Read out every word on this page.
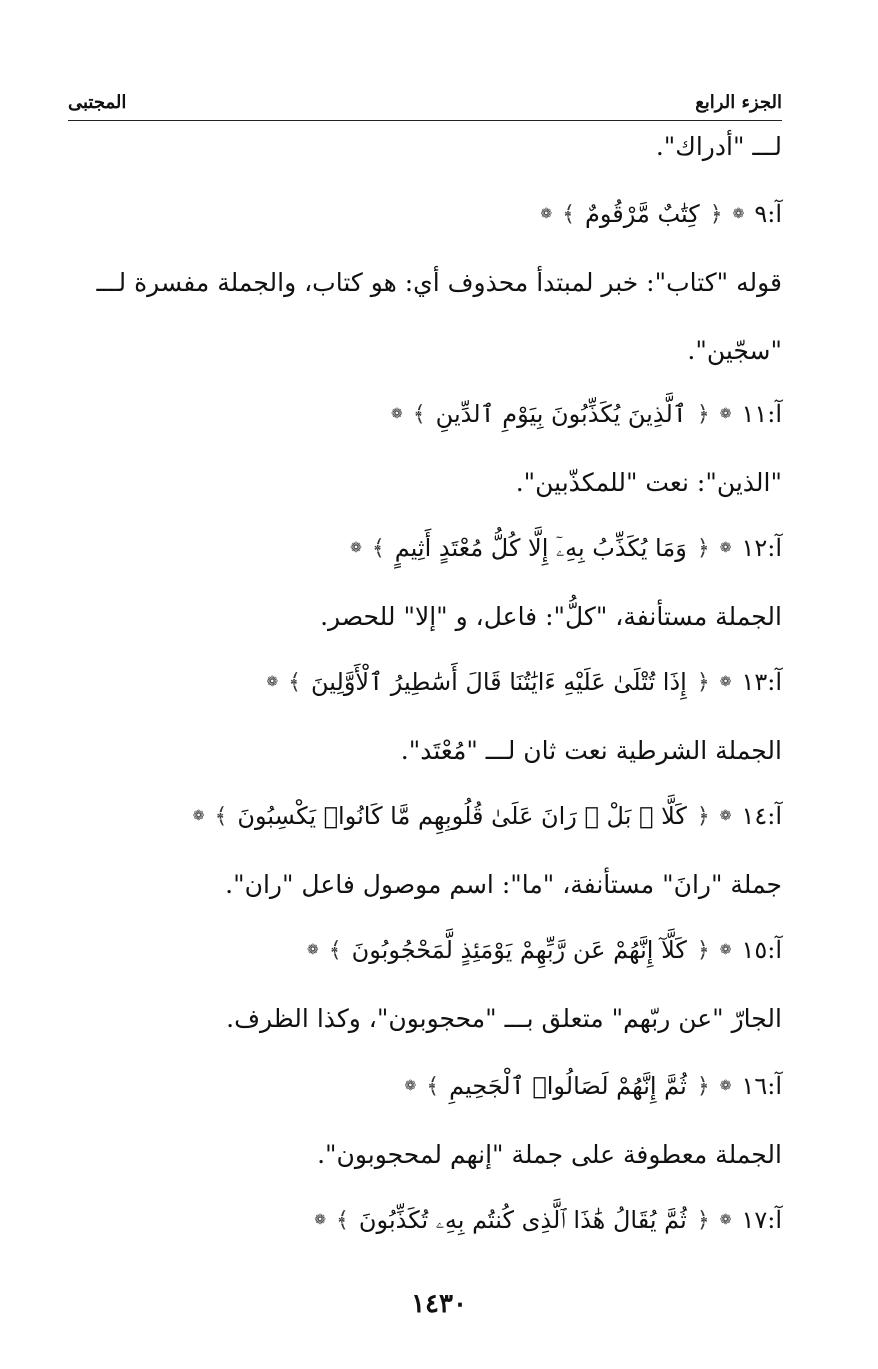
الجزء الرابع
المجتبى
لـــ "أدراك".
آ:٩
❁
﴿
كِتَٰبٌ مَّرْقُومٌ
﴾
❁
قوله "كتاب": خبر لمبتدأ محذوف أي: هو كتاب، والجملة مفسرة لـــ
"سجّين".
آ:١١
❁
﴿
ٱلَّذِينَ يُكَذِّبُونَ بِيَوْمِ ٱلدِّينِ
﴾
❁
"الذين": نعت "للمكذّبين".
آ:١٢
❁
﴿
وَمَا يُكَذِّبُ بِهِۦٓ إِلَّا كُلُّ مُعْتَدٍ أَثِيمٍ
﴾
❁
الجملة مستأنفة، "كلُّ": فاعل، و "إلا" للحصر.
آ:١٣
❁
﴿
إِذَا تُتْلَىٰ عَلَيْهِ ءَايَٰتُنَا قَالَ أَسَٰطِيرُ ٱلْأَوَّلِينَ
﴾
❁
الجملة الشرطية نعت ثان لـــ "مُعْتَد".
آ:١٤
❁
﴿
كَلَّا ۖ بَلْ ۜ رَانَ عَلَىٰ قُلُوبِهِم مَّا كَانُوا۟ يَكْسِبُونَ
﴾
❁
جملة "رانَ" مستأنفة، "ما": اسم موصول فاعل "ران".
آ:١٥
❁
﴿
كَلَّآ إِنَّهُمْ عَن رَّبِّهِمْ يَوْمَئِذٍ لَّمَحْجُوبُونَ
﴾
❁
الجارّ "عن ربّهم" متعلق بـــ "محجوبون"، وكذا الظرف.
آ:١٦
❁
﴿
ثُمَّ إِنَّهُمْ لَصَالُوا۟ ٱلْجَحِيمِ
﴾
❁
الجملة معطوفة على جملة "إنهم لمحجوبون".
آ:١٧
❁
﴿
ثُمَّ يُقَالُ هَٰذَا ٱلَّذِى كُنتُم بِهِۦ تُكَذِّبُونَ
﴾
❁
١٤٣٠
